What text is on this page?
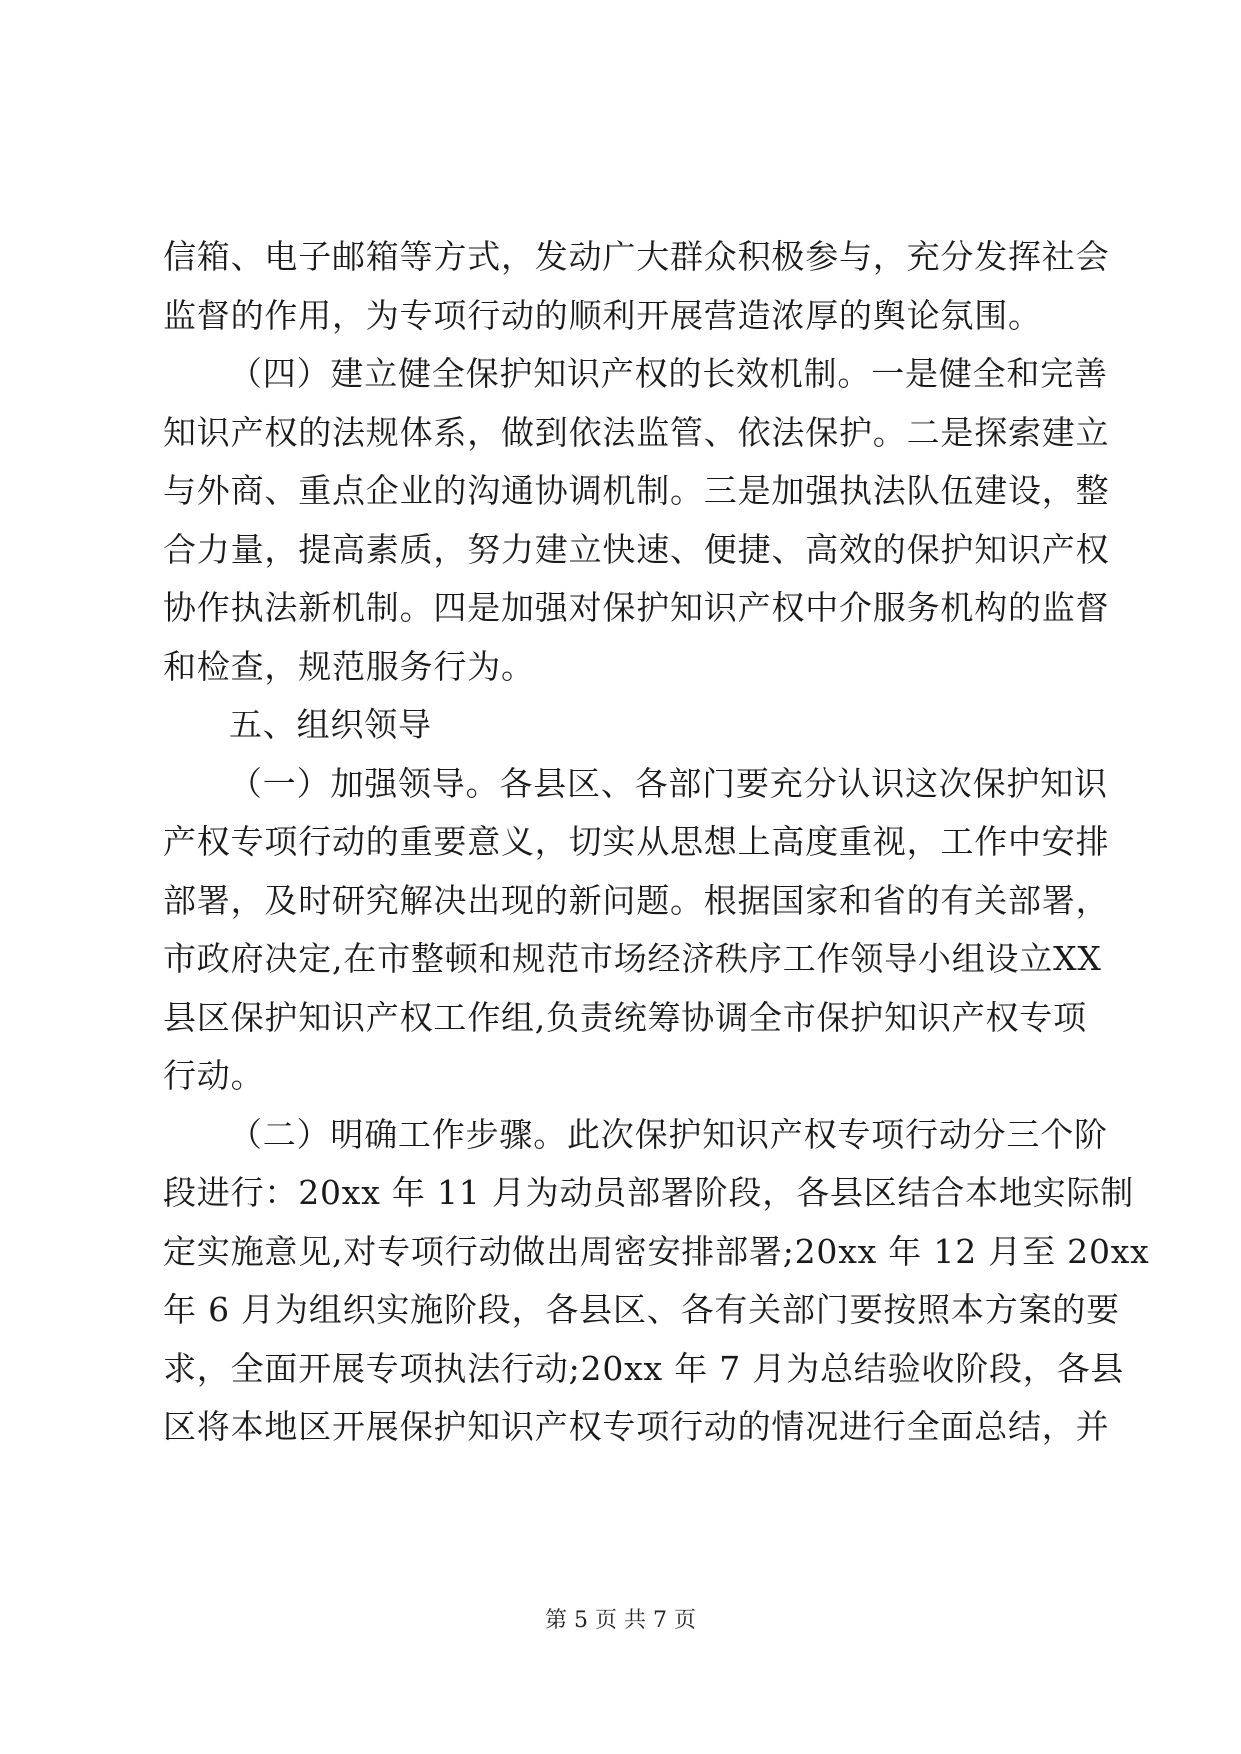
信箱、电子邮箱等方式，发动广大群众积极参与，充分发挥社会
监督的作用，为专项行动的顺利开展营造浓厚的舆论氛围。
（四）建立健全保护知识产权的长效机制。一是健全和完善
知识产权的法规体系，做到依法监管、依法保护。二是探索建立
与外商、重点企业的沟通协调机制。三是加强执法队伍建设，整
合力量，提高素质，努力建立快速、便捷、高效的保护知识产权
协作执法新机制。四是加强对保护知识产权中介服务机构的监督
和检查，规范服务行为。
五、组织领导
（一）加强领导。各县区、各部门要充分认识这次保护知识
产权专项行动的重要意义，切实从思想上高度重视，工作中安排
部署，及时研究解决出现的新问题。根据国家和省的有关部署，
市政府决定,在市整顿和规范市场经济秩序工作领导小组设立XX
县区保护知识产权工作组,负责统筹协调全市保护知识产权专项
行动。
（二）明确工作步骤。此次保护知识产权专项行动分三个阶
段进行：20xx 年 11 月为动员部署阶段，各县区结合本地实际制
定实施意见,对专项行动做出周密安排部署;20xx 年 12 月至 20xx
年 6 月为组织实施阶段，各县区、各有关部门要按照本方案的要
求，全面开展专项执法行动;20xx 年 7 月为总结验收阶段，各县
区将本地区开展保护知识产权专项行动的情况进行全面总结，并
第 5 页 共 7 页
